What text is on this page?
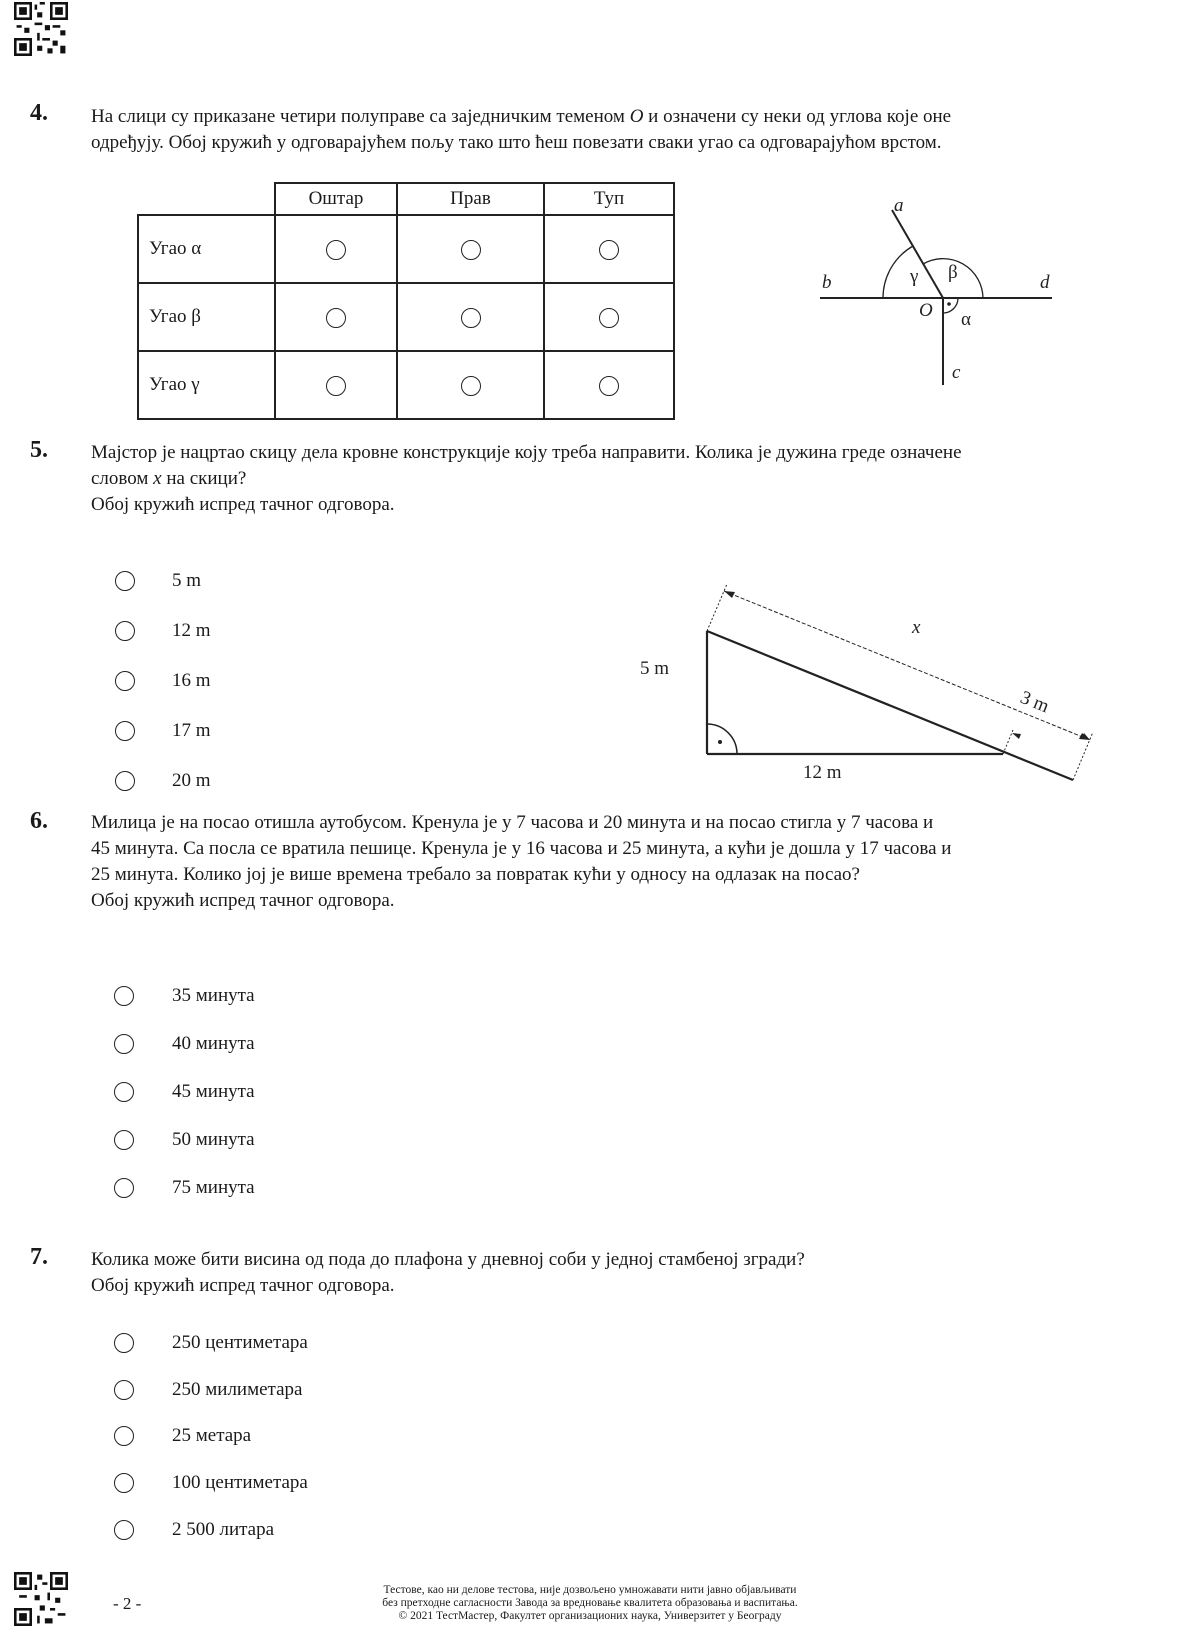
4. На слици су приказане четири полуправе са заједничким теменом O и означени су неки од углова које оне

одређују. Обој кружић у одговарајућем пољу тако што ћеш повезати сваки угао са одговарајућом врстом.

	Оштар	Прав	Туп
Угао α			
Угао β			
Угао γ			
a
b	d
c
O
γ β
α
5. Мајстор је нацртао скицу дела кровне конструкције коју треба направити. Колика је дужина греде означене

словом x на скици?

Обој кружић испред тачног одговора.

5 m
12 m
16 m
17 m
20 m
5 m
12 m
3 m
x
6. Милица је на посао отишла аутобусом. Кренула је у 7 часова и 20 минута и на посао стигла у 7 часова и

45 минута. Са посла се вратила пешице. Кренула је у 16 часова и 25 минута, а кући је дошла у 17 часова и

25 минута. Колико јој је више времена требало за повратак кући у односу на одлазак на посао?

Обој кружић испред тачног одговора.

35 минута
40 минута
45 минута
50 минута
75 минута
7. Колика може бити висина од пода до плафона у дневној соби у једној стамбеној згради?

Обој кружић испред тачног одговора.

250 центиметара
250 милиметара
25 метара
100 центиметара
2 500 литара
- 2 -
Тестове, као ни делове тестова, није дозвољено умножавати нити јавно објављивати
без претходне сагласности Завода за вредновање квалитета образовања и васпитања.
© 2021 ТестМастер, Факултет организационих наука, Универзитет у Београду
